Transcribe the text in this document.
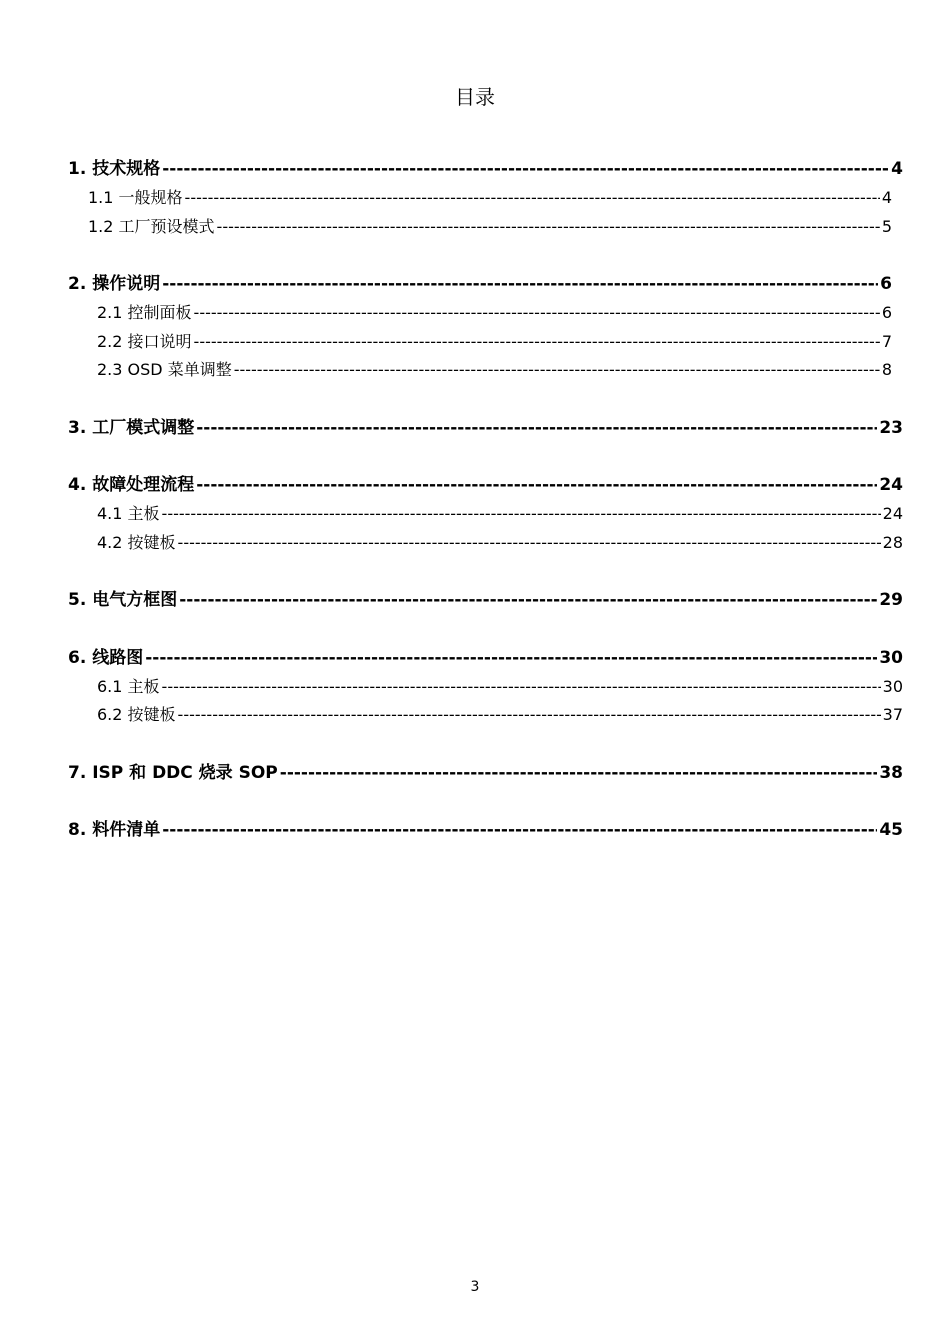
目录
1. 技术规格 -----	4
1.1 一般规格 -----	4
1.2 工厂预设模式 -----	5
2. 操作说明 -----	6
2.1 控制面板 -----	6
2.2 接口说明 -----	7
2.3 OSD 菜单调整 -----	8
3. 工厂模式调整 -----	23
4. 故障处理流程 -----	24
4.1 主板 -----	24
4.2 按键板 -----	28
5. 电气方框图 -----	29
6. 线路图 -----	30
6.1 主板 -----	30
6.2 按键板 -----	37
7. ISP 和 DDC 烧录 SOP -----	38
8. 料件清单 -----	45
3
